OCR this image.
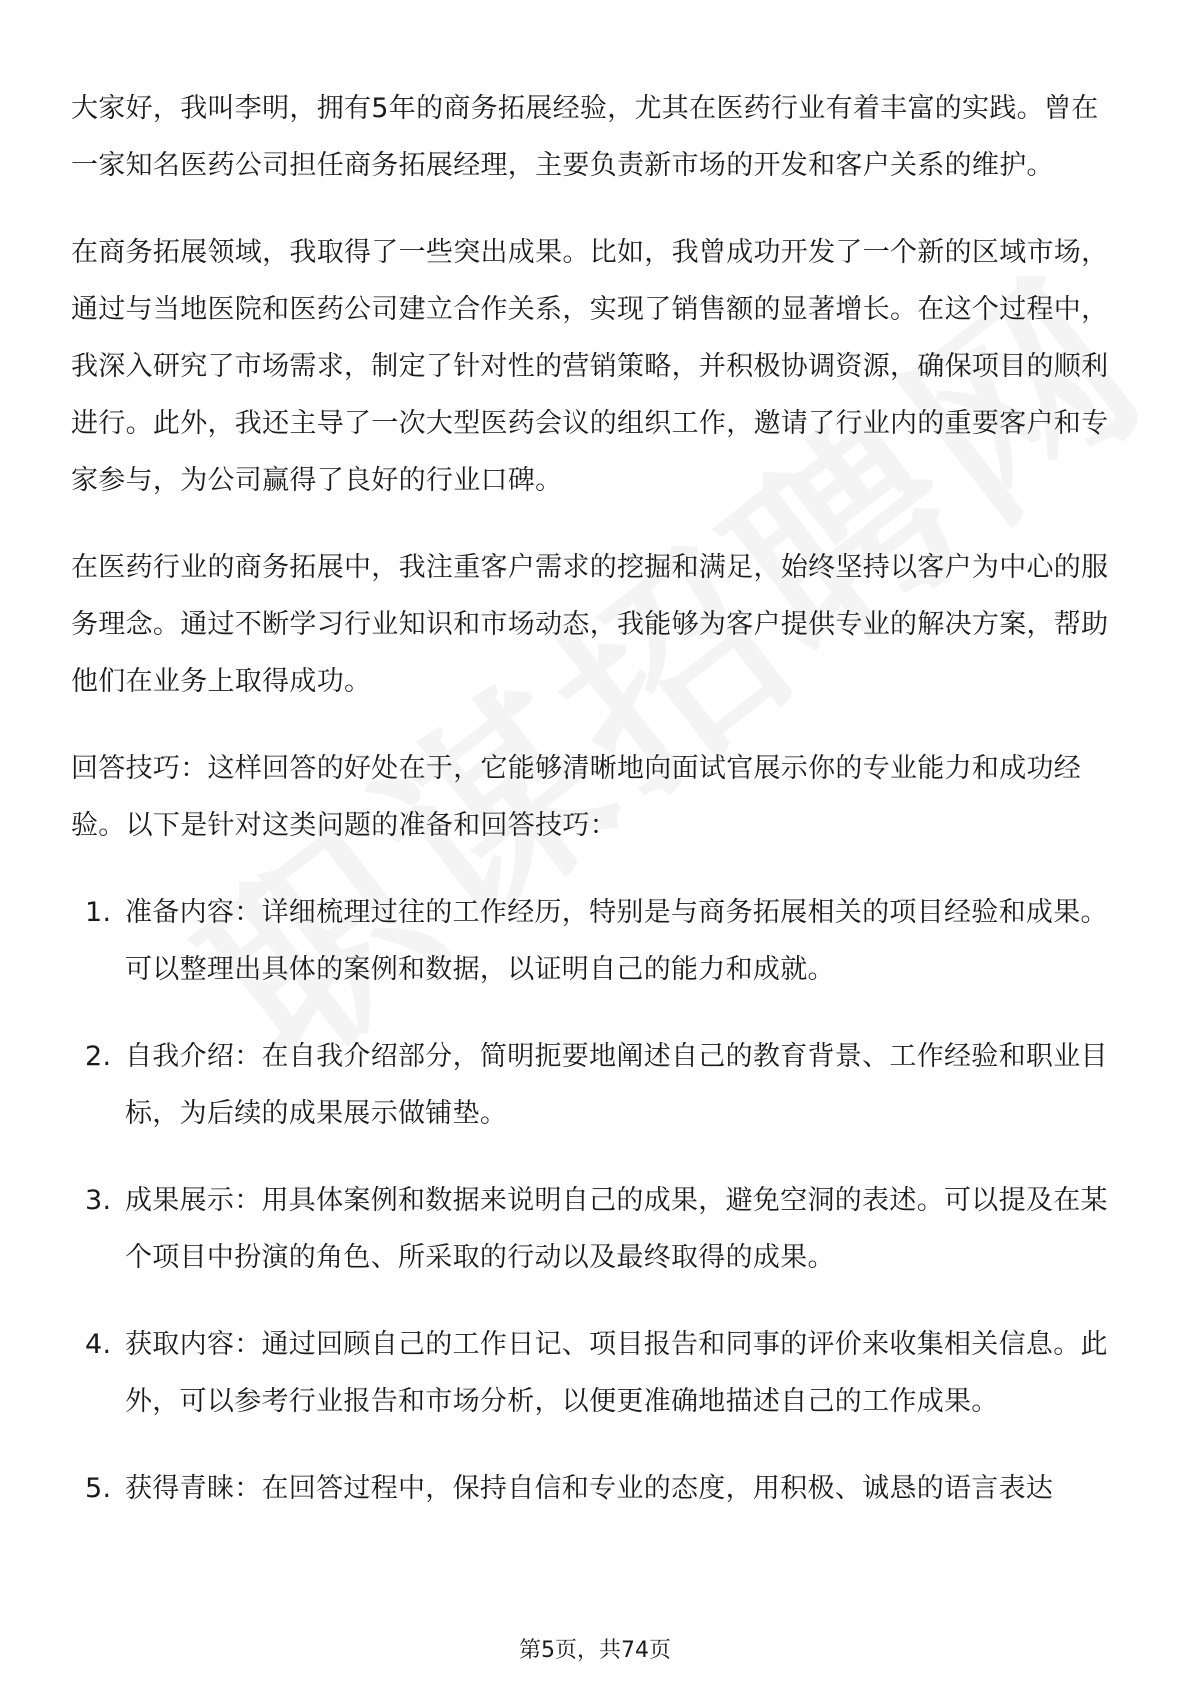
大家好，我叫李明，拥有5年的商务拓展经验，尤其在医药行业有着丰富的实践。曾在一家知名医药公司担任商务拓展经理，主要负责新市场的开发和客户关系的维护。

在商务拓展领域，我取得了一些突出成果。比如，我曾成功开发了一个新的区域市场，通过与当地医院和医药公司建立合作关系，实现了销售额的显著增长。在这个过程中，我深入研究了市场需求，制定了针对性的营销策略，并积极协调资源，确保项目的顺利进行。此外，我还主导了一次大型医药会议的组织工作，邀请了行业内的重要客户和专家参与，为公司赢得了良好的行业口碑。

在医药行业的商务拓展中，我注重客户需求的挖掘和满足，始终坚持以客户为中心的服务理念。通过不断学习行业知识和市场动态，我能够为客户提供专业的解决方案，帮助他们在业务上取得成功。

回答技巧：这样回答的好处在于，它能够清晰地向面试官展示你的专业能力和成功经验。以下是针对这类问题的准备和回答技巧：

1. 准备内容：详细梳理过往的工作经历，特别是与商务拓展相关的项目经验和成果。可以整理出具体的案例和数据，以证明自己的能力和成就。
2. 自我介绍：在自我介绍部分，简明扼要地阐述自己的教育背景、工作经验和职业目标，为后续的成果展示做铺垫。
3. 成果展示：用具体案例和数据来说明自己的成果，避免空洞的表述。可以提及在某个项目中扮演的角色、所采取的行动以及最终取得的成果。
4. 获取内容：通过回顾自己的工作日记、项目报告和同事的评价来收集相关信息。此外，可以参考行业报告和市场分析，以便更准确地描述自己的工作成果。
5. 获得青睐：在回答过程中，保持自信和专业的态度，用积极、诚恳的语言表达
第5页，共74页
